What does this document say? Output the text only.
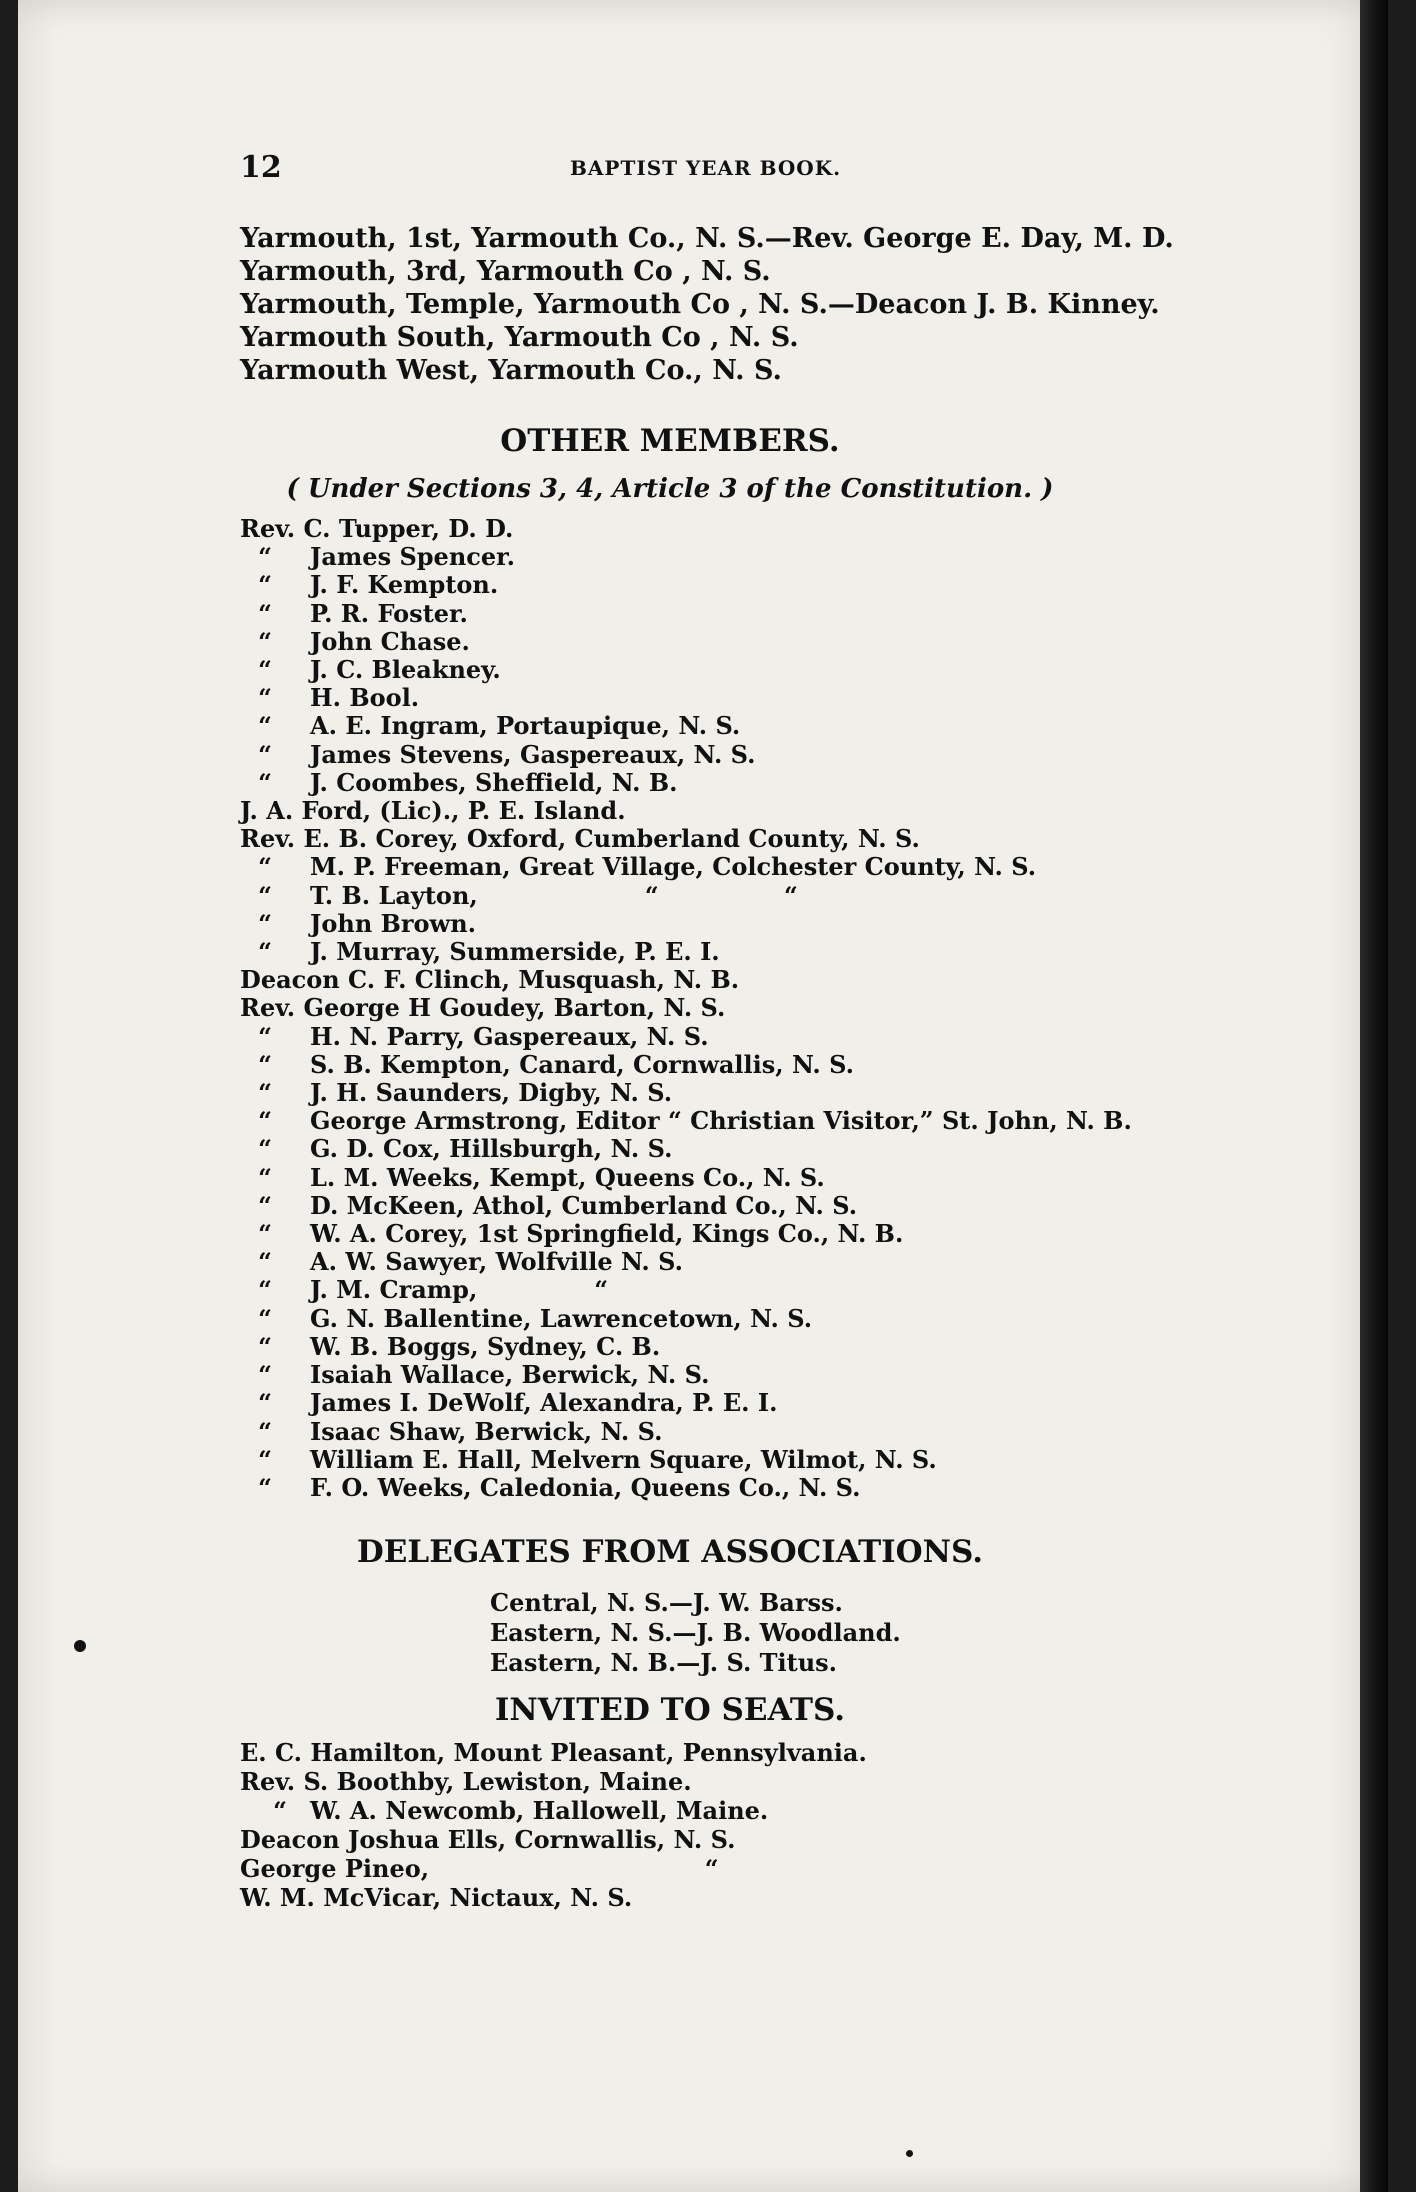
12	BAPTIST YEAR BOOK.
Yarmouth, 1st, Yarmouth Co., N. S.—Rev. George E. Day, M. D.
Yarmouth, 3rd, Yarmouth Co , N. S.
Yarmouth, Temple, Yarmouth Co , N. S.—Deacon J. B. Kinney.
Yarmouth South, Yarmouth Co , N. S.
Yarmouth West, Yarmouth Co., N. S.
OTHER MEMBERS.
( Under Sections 3, 4, Article 3 of the Constitution. )
Rev. C. Tupper, D. D.
“ James Spencer.
“ J. F. Kempton.
“ P. R. Foster.
“ John Chase.
“ J. C. Bleakney.
“ H. Bool.
“ A. E. Ingram, Portaupique, N. S.
“ James Stevens, Gaspereaux, N. S.
“ J. Coombes, Sheffield, N. B.
J. A. Ford, (Lic)., P. E. Island.
Rev. E. B. Corey, Oxford, Cumberland County, N. S.
“ M. P. Freeman, Great Village, Colchester County, N. S.
“ T. B. Layton,                    “               “
“ John Brown.
“ J. Murray, Summerside, P. E. I.
Deacon C. F. Clinch, Musquash, N. B.
Rev. George H Goudey, Barton, N. S.
“ H. N. Parry, Gaspereaux, N. S.
“ S. B. Kempton, Canard, Cornwallis, N. S.
“ J. H. Saunders, Digby, N. S.
“ George Armstrong, Editor “ Christian Visitor,” St. John, N. B.
“ G. D. Cox, Hillsburgh, N. S.
“ L. M. Weeks, Kempt, Queens Co., N. S.
“ D. McKeen, Athol, Cumberland Co., N. S.
“ W. A. Corey, 1st Springfield, Kings Co., N. B.
“ A. W. Sawyer, Wolfville N. S.
“ J. M. Cramp,              “
“ G. N. Ballentine, Lawrencetown, N. S.
“ W. B. Boggs, Sydney, C. B.
“ Isaiah Wallace, Berwick, N. S.
“ James I. DeWolf, Alexandra, P. E. I.
“ Isaac Shaw, Berwick, N. S.
“ William E. Hall, Melvern Square, Wilmot, N. S.
“ F. O. Weeks, Caledonia, Queens Co., N. S.
DELEGATES FROM ASSOCIATIONS.
Central, N. S.—J. W. Barss.
Eastern, N. S.—J. B. Woodland.
Eastern, N. B.—J. S. Titus.
INVITED TO SEATS.
E. C. Hamilton, Mount Pleasant, Pennsylvania.
Rev. S. Boothby, Lewiston, Maine.
“ W. A. Newcomb, Hallowell, Maine.
Deacon Joshua Ells, Cornwallis, N. S.
George Pineo,                                 “
W. M. McVicar, Nictaux, N. S.
